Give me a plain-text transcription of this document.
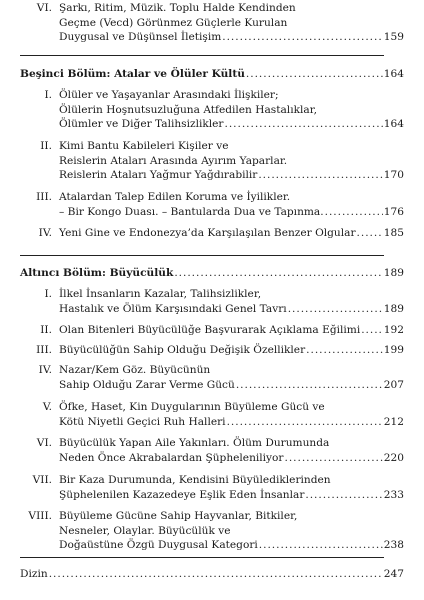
VI. Şarkı, Ritim, Müzik. Toplu Halde Kendinden
Geçme (Vecd) Görünmez Güçlerle Kurulan
Duygusal ve Düşünsel İletişim . . .	159
Beşinci Bölüm: Atalar ve Ölüler Kültü . . .	164
I. Ölüler ve Yaşayanlar Arasındaki İlişkiler;
Ölülerin Hoşnutsuzluğuna Atfedilen Hastalıklar,
Ölümler ve Diğer Talihsizlikler . . .	164
II. Kimi Bantu Kabileleri Kişiler ve
Reislerin Ataları Arasında Ayırım Yaparlar.
Reislerin Ataları Yağmur Yağdırabilir . . .	170
III. Atalardan Talep Edilen Koruma ve İyilikler.
– Bir Kongo Duası. – Bantularda Dua ve Tapınma. . . .	176
IV. Yeni Gine ve Endonezya’da Karşılaşılan Benzer Olgular . . .	185
Altıncı Bölüm: Büyücülük . . .	189
I. İlkel İnsanların Kazalar, Talihsizlikler,
Hastalık ve Ölüm Karşısındaki Genel Tavrı . . .	189
II. Olan Bitenleri Büyücülüğe Başvurarak Açıklama Eğilimi . . . 192
III. Büyücülüğün Sahip Olduğu Değişik Özellikler . . .	199
IV. Nazar/Kem Göz. Büyücünün
Sahip Olduğu Zarar Verme Gücü . . .	207
V. Öfke, Haset, Kin Duygularının Büyüleme Gücü ve
Kötü Niyetli Geçici Ruh Halleri . . .	212
VI. Büyücülük Yapan Aile Yakınları. Ölüm Durumunda
Neden Önce Akrabalardan Şüpheleniliyor . . .	220
VII. Bir Kaza Durumunda, Kendisini Büyülediklerinden
Şüphelenilen Kazazedeye Eşlik Eden İnsanlar . . .	233
VIII. Büyüleme Gücüne Sahip Hayvanlar, Bitkiler,
Nesneler, Olaylar. Büyücülük ve
Doğaüstüne Özgü Duygusal Kategori . . .	238
Dizin . . .	247
